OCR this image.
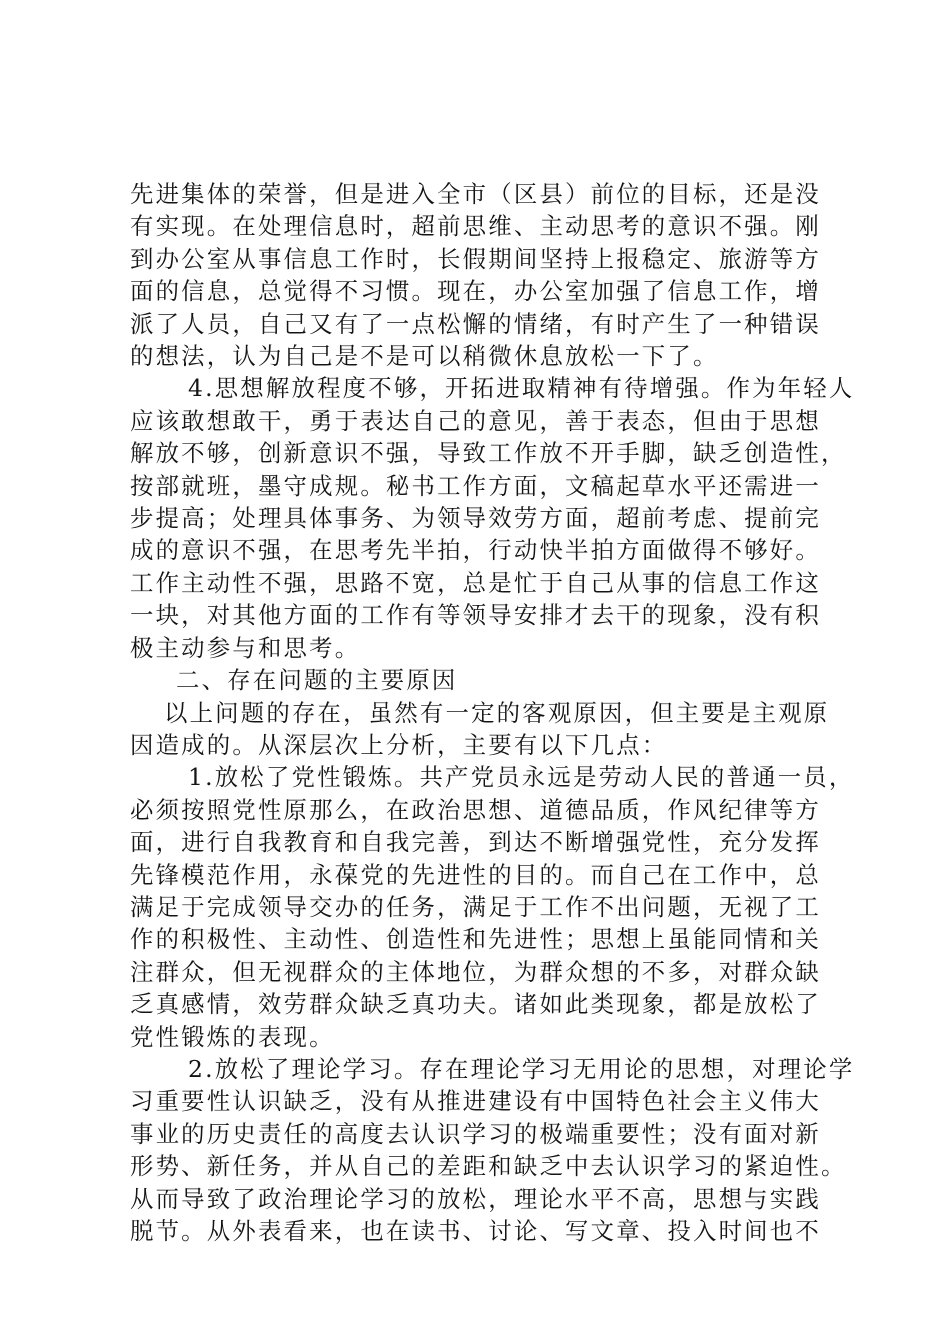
先进集体的荣誉，但是进入全市（区县）前位的目标，还是没
有实现。在处理信息时，超前思维、主动思考的意识不强。刚
到办公室从事信息工作时，长假期间坚持上报稳定、旅游等方
面的信息，总觉得不习惯。现在，办公室加强了信息工作，增
派了人员，自己又有了一点松懈的情绪，有时产生了一种错误
的想法，认为自己是不是可以稍微休息放松一下了。
4.思想解放程度不够，开拓进取精神有待增强。作为年轻人
应该敢想敢干，勇于表达自己的意见，善于表态，但由于思想
解放不够，创新意识不强，导致工作放不开手脚，缺乏创造性，
按部就班，墨守成规。秘书工作方面，文稿起草水平还需进一
步提高；处理具体事务、为领导效劳方面，超前考虑、提前完
成的意识不强，在思考先半拍，行动快半拍方面做得不够好。
工作主动性不强，思路不宽，总是忙于自己从事的信息工作这
一块，对其他方面的工作有等领导安排才去干的现象，没有积
极主动参与和思考。
二、存在问题的主要原因
以上问题的存在，虽然有一定的客观原因，但主要是主观原
因造成的。从深层次上分析，主要有以下几点：
1.放松了党性锻炼。共产党员永远是劳动人民的普通一员，
必须按照党性原那么，在政治思想、道德品质，作风纪律等方
面，进行自我教育和自我完善，到达不断增强党性，充分发挥
先锋模范作用，永葆党的先进性的目的。而自己在工作中，总
满足于完成领导交办的任务，满足于工作不出问题，无视了工
作的积极性、主动性、创造性和先进性；思想上虽能同情和关
注群众，但无视群众的主体地位，为群众想的不多，对群众缺
乏真感情，效劳群众缺乏真功夫。诸如此类现象，都是放松了
党性锻炼的表现。
2.放松了理论学习。存在理论学习无用论的思想，对理论学
习重要性认识缺乏，没有从推进建设有中国特色社会主义伟大
事业的历史责任的高度去认识学习的极端重要性；没有面对新
形势、新任务，并从自己的差距和缺乏中去认识学习的紧迫性。
从而导致了政治理论学习的放松，理论水平不高，思想与实践
脱节。从外表看来，也在读书、讨论、写文章、投入时间也不
